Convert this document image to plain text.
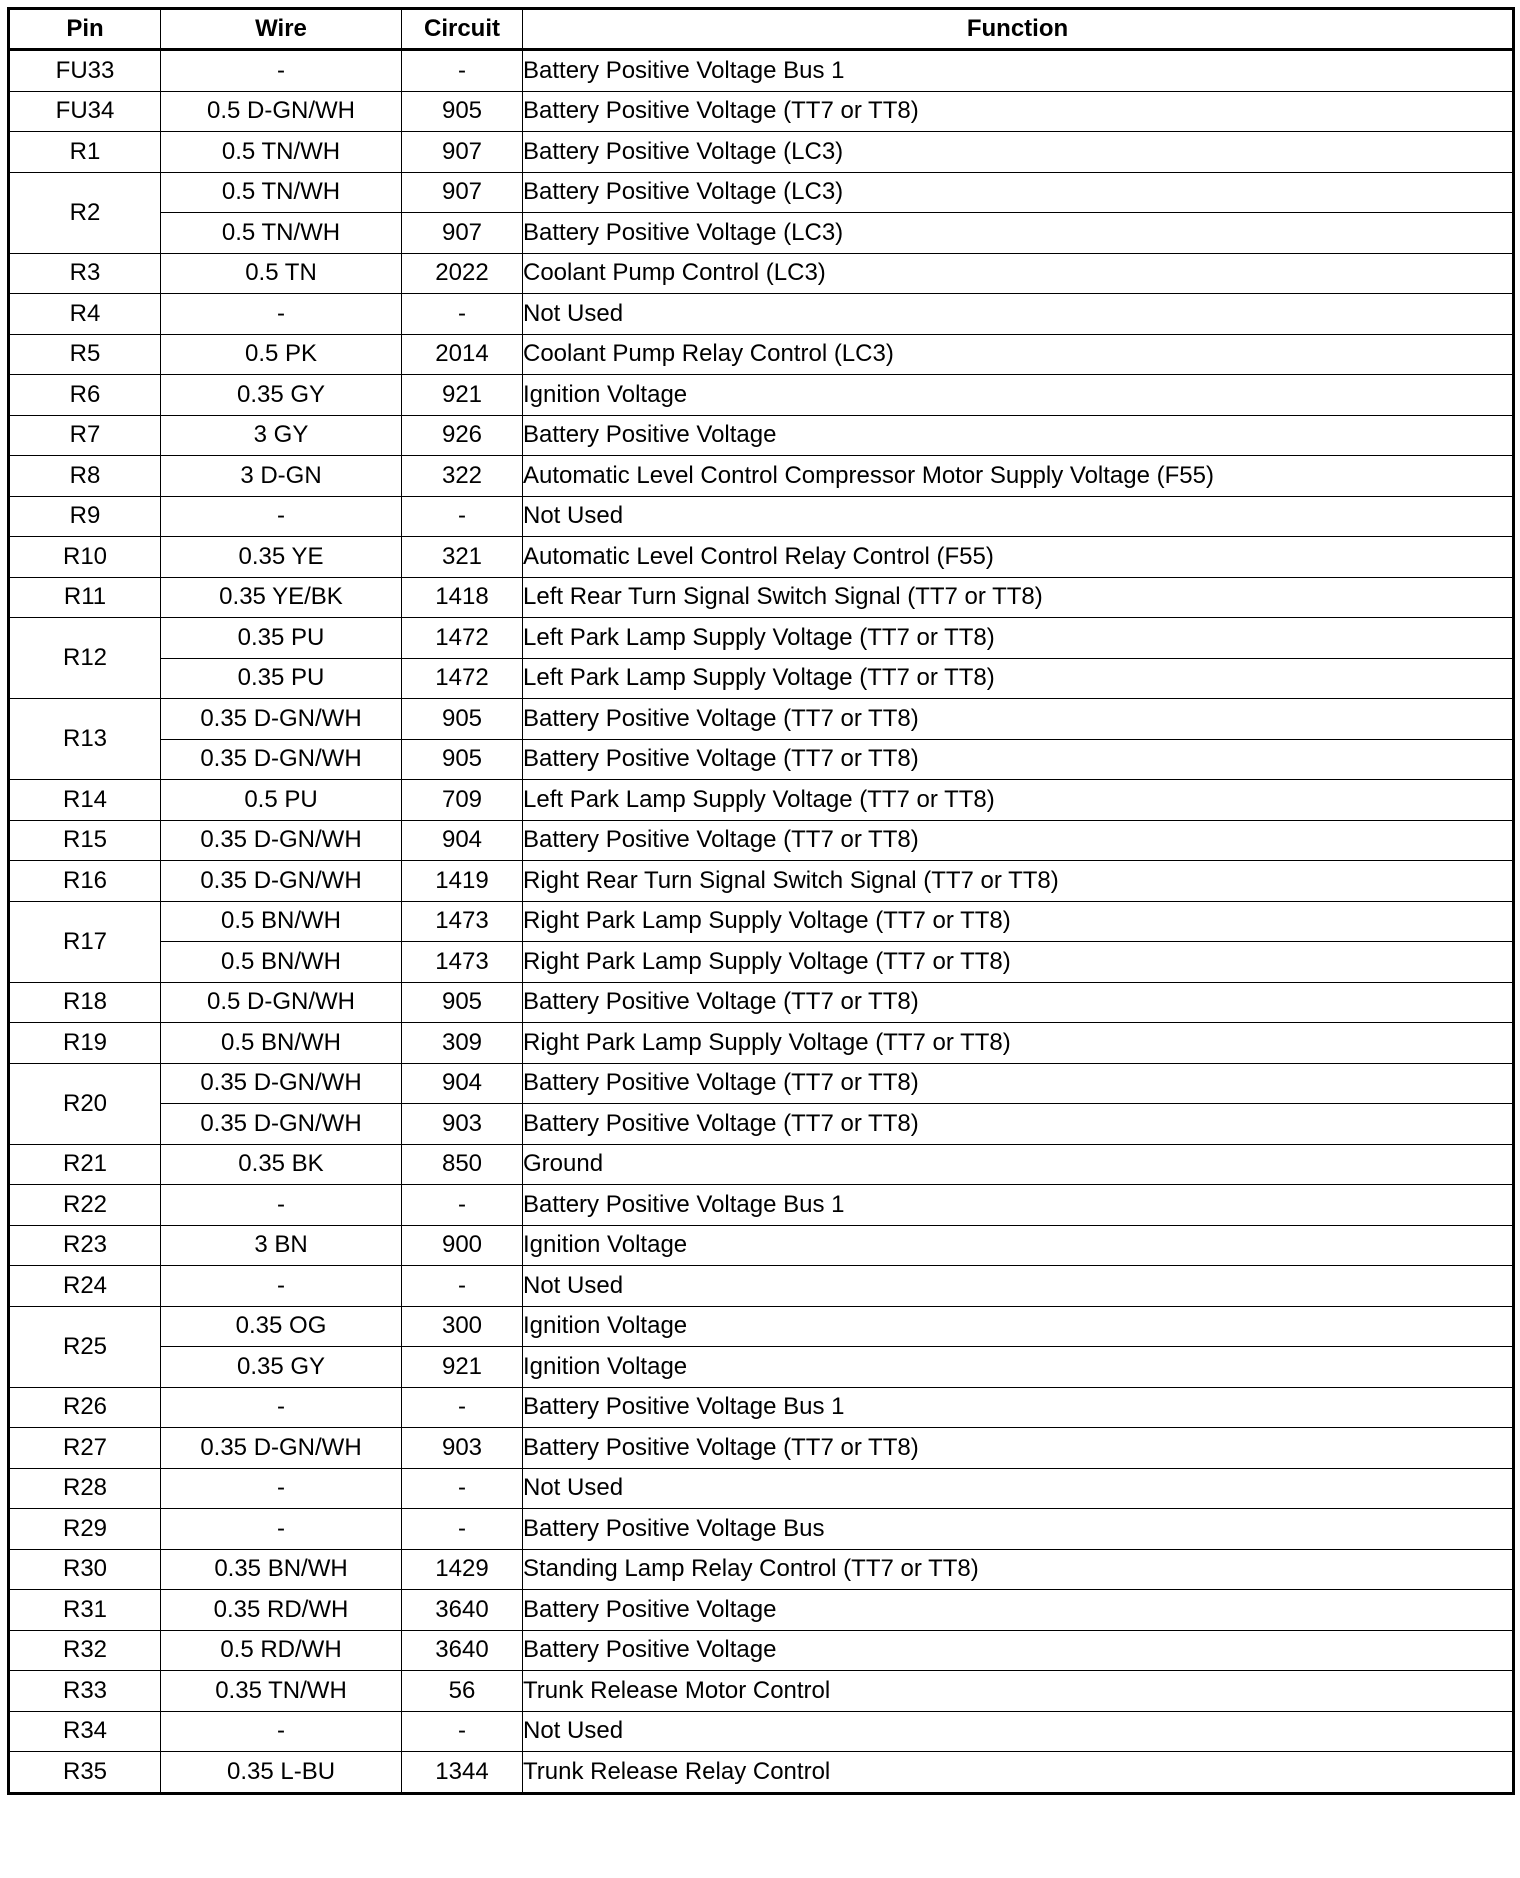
Pin	Wire	Circuit	Function
FU33	-	-	Battery Positive Voltage Bus 1
FU34	0.5 D-GN/WH	905	Battery Positive Voltage (TT7 or TT8)
R1	0.5 TN/WH	907	Battery Positive Voltage (LC3)
R2	0.5 TN/WH	907	Battery Positive Voltage (LC3)
	0.5 TN/WH	907	Battery Positive Voltage (LC3)
R3	0.5 TN	2022	Coolant Pump Control (LC3)
R4	-	-	Not Used
R5	0.5 PK	2014	Coolant Pump Relay Control (LC3)
R6	0.35 GY	921	Ignition Voltage
R7	3 GY	926	Battery Positive Voltage
R8	3 D-GN	322	Automatic Level Control Compressor Motor Supply Voltage (F55)
R9	-	-	Not Used
R10	0.35 YE	321	Automatic Level Control Relay Control (F55)
R11	0.35 YE/BK	1418	Left Rear Turn Signal Switch Signal (TT7 or TT8)
R12	0.35 PU	1472	Left Park Lamp Supply Voltage (TT7 or TT8)
	0.35 PU	1472	Left Park Lamp Supply Voltage (TT7 or TT8)
R13	0.35 D-GN/WH	905	Battery Positive Voltage (TT7 or TT8)
	0.35 D-GN/WH	905	Battery Positive Voltage (TT7 or TT8)
R14	0.5 PU	709	Left Park Lamp Supply Voltage (TT7 or TT8)
R15	0.35 D-GN/WH	904	Battery Positive Voltage (TT7 or TT8)
R16	0.35 D-GN/WH	1419	Right Rear Turn Signal Switch Signal (TT7 or TT8)
R17	0.5 BN/WH	1473	Right Park Lamp Supply Voltage (TT7 or TT8)
	0.5 BN/WH	1473	Right Park Lamp Supply Voltage (TT7 or TT8)
R18	0.5 D-GN/WH	905	Battery Positive Voltage (TT7 or TT8)
R19	0.5 BN/WH	309	Right Park Lamp Supply Voltage (TT7 or TT8)
R20	0.35 D-GN/WH	904	Battery Positive Voltage (TT7 or TT8)
	0.35 D-GN/WH	903	Battery Positive Voltage (TT7 or TT8)
R21	0.35 BK	850	Ground
R22	-	-	Battery Positive Voltage Bus 1
R23	3 BN	900	Ignition Voltage
R24	-	-	Not Used
R25	0.35 OG	300	Ignition Voltage
	0.35 GY	921	Ignition Voltage
R26	-	-	Battery Positive Voltage Bus 1
R27	0.35 D-GN/WH	903	Battery Positive Voltage (TT7 or TT8)
R28	-	-	Not Used
R29	-	-	Battery Positive Voltage Bus
R30	0.35 BN/WH	1429	Standing Lamp Relay Control (TT7 or TT8)
R31	0.35 RD/WH	3640	Battery Positive Voltage
R32	0.5 RD/WH	3640	Battery Positive Voltage
R33	0.35 TN/WH	56	Trunk Release Motor Control
R34	-	-	Not Used
R35	0.35 L-BU	1344	Trunk Release Relay Control
